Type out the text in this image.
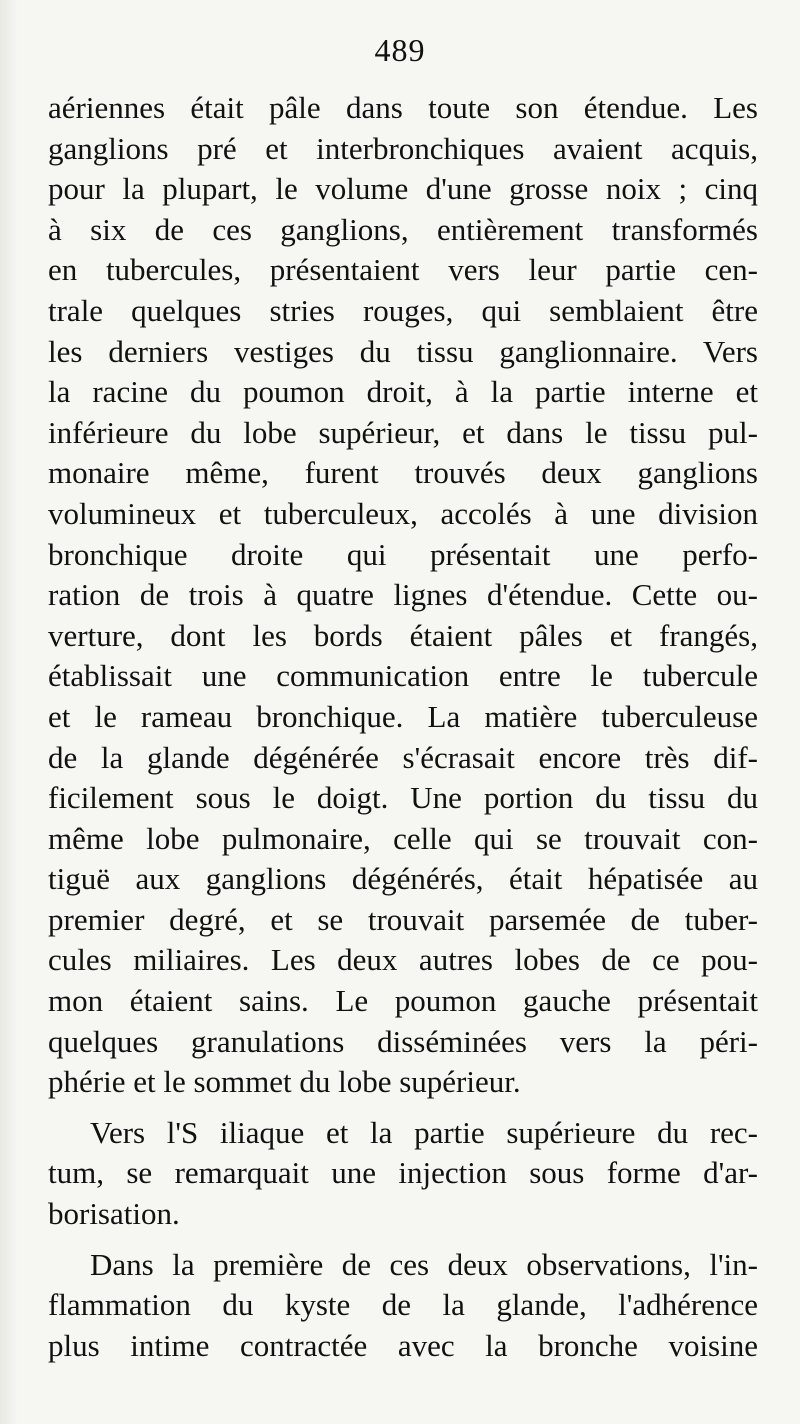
489
aériennes était pâle dans toute son étendue. Les
ganglions pré et interbronchiques avaient acquis,
pour la plupart, le volume d'une grosse noix ; cinq
à six de ces ganglions, entièrement transformés
en tubercules, présentaient vers leur partie cen-
trale quelques stries rouges, qui semblaient être
les derniers vestiges du tissu ganglionnaire. Vers
la racine du poumon droit, à la partie interne et
inférieure du lobe supérieur, et dans le tissu pul-
monaire même, furent trouvés deux ganglions
volumineux et tuberculeux, accolés à une division
bronchique droite qui présentait une perfo-
ration de trois à quatre lignes d'étendue. Cette ou-
verture, dont les bords étaient pâles et frangés,
établissait une communication entre le tubercule
et le rameau bronchique. La matière tuberculeuse
de la glande dégénérée s'écrasait encore très dif-
ficilement sous le doigt. Une portion du tissu du
même lobe pulmonaire, celle qui se trouvait con-
tiguë aux ganglions dégénérés, était hépatisée au
premier degré, et se trouvait parsemée de tuber-
cules miliaires. Les deux autres lobes de ce pou-
mon étaient sains. Le poumon gauche présentait
quelques granulations disséminées vers la péri-
phérie et le sommet du lobe supérieur.
Vers l'S iliaque et la partie supérieure du rec-
tum, se remarquait une injection sous forme d'ar-
borisation.
Dans la première de ces deux observations, l'in-
flammation du kyste de la glande, l'adhérence
plus intime contractée avec la bronche voisine
